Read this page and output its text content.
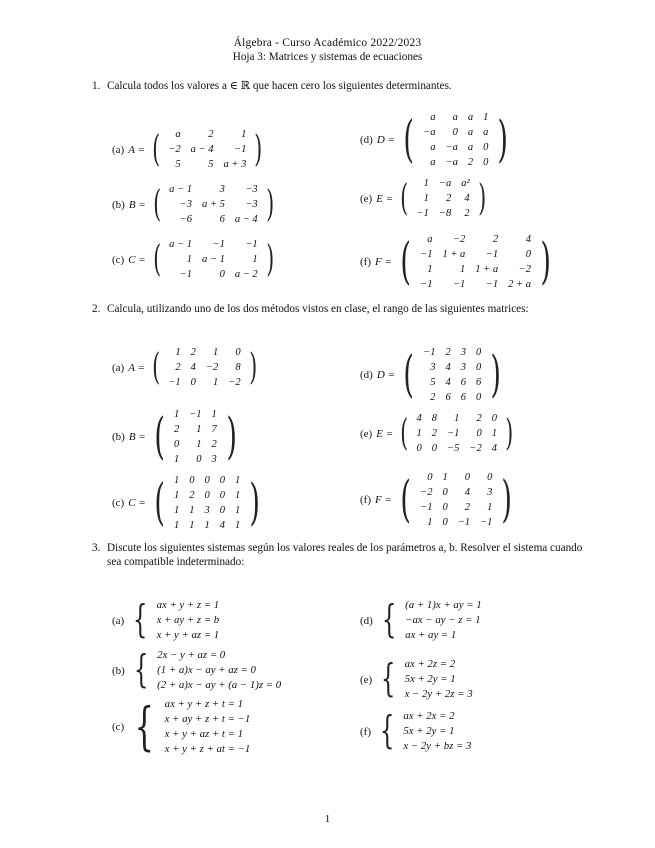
Álgebra - Curso Académico 2022/2023
Hoja 3: Matrices y sistemas de ecuaciones
1. Calcula todos los valores a ∈ ℝ que hacen cero los siguientes determinantes.
(a) A = ( a	2	1
−2	a − 4	−1
5	5	a + 3 )
(b) B = ( a − 1	3	−3
−3	a + 5	−3
−6	6	a − 4 )
(c) C = ( a − 1	−1	−1
1	a − 1	1
−1	0	a − 2 )
(d) D = ( a	a	a	1
−a	0	a	a
a	−a	a	0
a	−a	2	0 )
(e) E = ( 1	−a	a²
1	2	4
−1	−8	2 )
(f) F = ( a	−2	2	4
−1	1 + a	−1	0
1	1	1 + a	−2
−1	−1	−1	2 + a )
2. Calcula, utilizando uno de los dos métodos vistos en clase, el rango de las siguientes matrices:
(a) A = ( 1	2	1	0
2	4	−2	8
−1	0	1	−2 )
(b) B = ( 1	−1	1
2	1	7
0	1	2
1	0	3 )
(c) C = ( 1	0	0	0	1
1	2	0	0	1
1	1	3	0	1
1	1	1	4	1 )
(d) D = ( −1	2	3	0
3	4	3	0
5	4	6	6
2	6	6	0 )
(e) E = ( 4	8	1	2	0
1	2	−1	0	1
0	0	−5	−2	4 )
(f) F = ( 0	1	0	0
−2	0	4	3
−1	0	2	1
1	0	−1	−1 )
3. Discute los siguientes sistemas según los valores reales de los parámetros a, b. Resolver el sistema cuando sea compatible indeterminado:
(a) { ax + y + z = 1
x + ay + z = b
x + y + az = 1
(b) { 2x − y + az = 0
(1 + a)x − ay + az = 0
(2 + a)x − ay + (a − 1)z = 0
(c) { ax + y + z + t = 1
x + ay + z + t = −1
x + y + az + t = 1
x + y + z + at = −1
(d) { (a + 1)x + ay = 1
−ax − ay − z = 1
ax + ay = 1
(e) { ax + 2z = 2
5x + 2y = 1
x − 2y + 2z = 3
(f) { ax + 2x = 2
5x + 2y = 1
x − 2y + bz = 3
1
